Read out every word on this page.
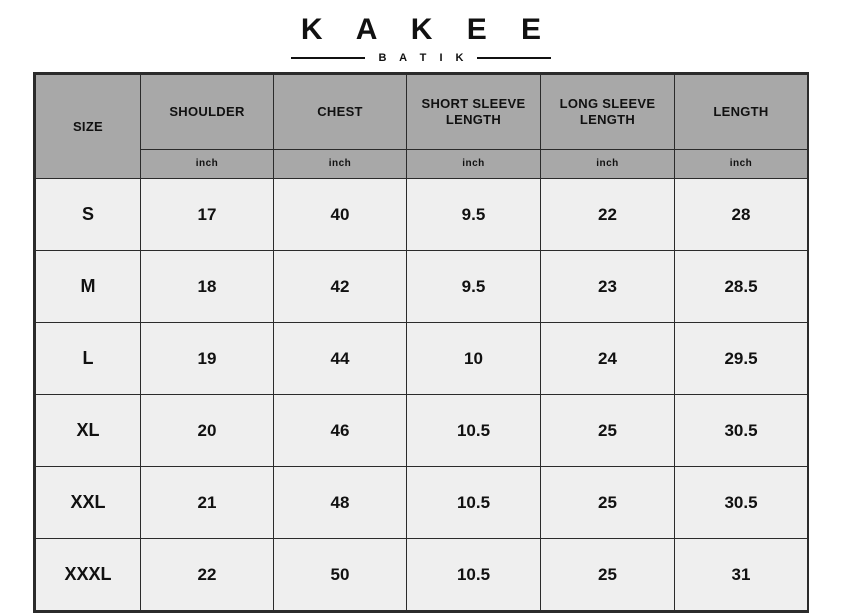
K A K E E
B A T I K
SIZE	SHOULDER	CHEST	SHORT SLEEVE LENGTH	LONG SLEEVE LENGTH	LENGTH
	inch	inch	inch	inch	inch
S	17	40	9.5	22	28
M	18	42	9.5	23	28.5
L	19	44	10	24	29.5
XL	20	46	10.5	25	30.5
XXL	21	48	10.5	25	30.5
XXXL	22	50	10.5	25	31
